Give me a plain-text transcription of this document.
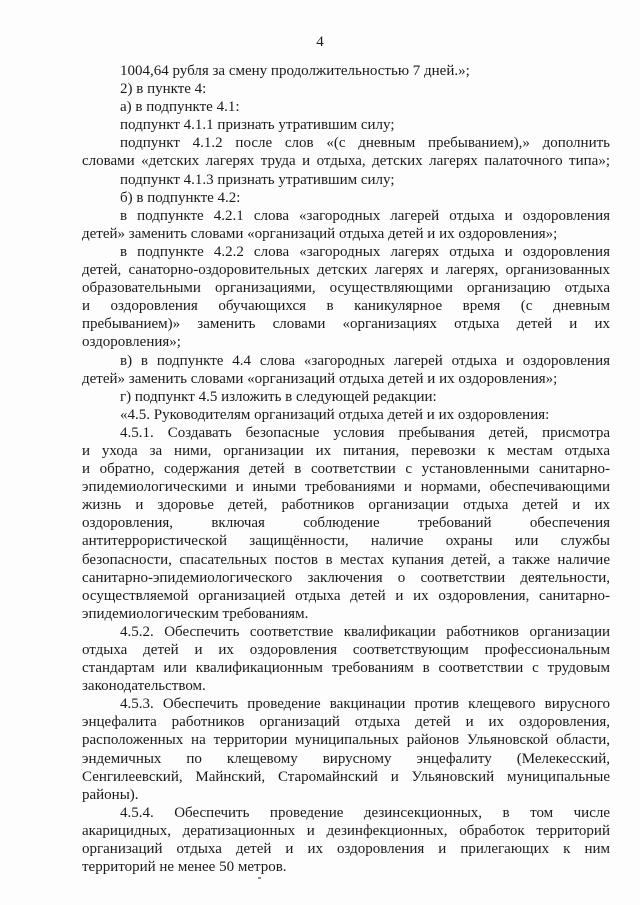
4
1004,64 рубля за смену продолжительностью 7 дней.»;
2) в пункте 4:
а) в подпункте 4.1:
подпункт 4.1.1 признать утратившим силу;
подпункт 4.1.2 после слов «(с дневным пребыванием),» дополнить
словами «детских лагерях труда и отдыха, детских лагерях палаточного типа»;
подпункт 4.1.3 признать утратившим силу;
б) в подпункте 4.2:
в подпункте 4.2.1 слова «загородных лагерей отдыха и оздоровления
детей» заменить словами «организаций отдыха детей и их оздоровления»;
в подпункте 4.2.2 слова «загородных лагерях отдыха и оздоровления
детей, санаторно-оздоровительных детских лагерях и лагерях, организованных
образовательными организациями, осуществляющими организацию отдыха
и оздоровления обучающихся в каникулярное время (с дневным
пребыванием)» заменить словами «организациях отдыха детей и их
оздоровления»;
в) в подпункте 4.4 слова «загородных лагерей отдыха и оздоровления
детей» заменить словами «организаций отдыха детей и их оздоровления»;
г) подпункт 4.5 изложить в следующей редакции:
«4.5. Руководителям организаций отдыха детей и их оздоровления:
4.5.1. Создавать безопасные условия пребывания детей, присмотра
и ухода за ними, организации их питания, перевозки к местам отдыха
и обратно, содержания детей в соответствии с установленными санитарно-
эпидемиологическими и иными требованиями и нормами, обеспечивающими
жизнь и здоровье детей, работников организации отдыха детей и их
оздоровления, включая соблюдение требований обеспечения
антитеррористической защищённости, наличие охраны или службы
безопасности, спасательных постов в местах купания детей, а также наличие
санитарно-эпидемиологического заключения о соответствии деятельности,
осуществляемой организацией отдыха детей и их оздоровления, санитарно-
эпидемиологическим требованиям.
4.5.2. Обеспечить соответствие квалификации работников организации
отдыха детей и их оздоровления соответствующим профессиональным
стандартам или квалификационным требованиям в соответствии с трудовым
законодательством.
4.5.3. Обеспечить проведение вакцинации против клещевого вирусного
энцефалита работников организаций отдыха детей и их оздоровления,
расположенных на территории муниципальных районов Ульяновской области,
эндемичных по клещевому вирусному энцефалиту (Мелекесский,
Сенгилеевский, Майнский, Старомайнский и Ульяновский муниципальные
районы).
4.5.4. Обеспечить проведение дезинсекционных, в том числе
акарицидных, дератизационных и дезинфекционных, обработок территорий
организаций отдыха детей и их оздоровления и прилегающих к ним
территорий не менее 50 метров.
